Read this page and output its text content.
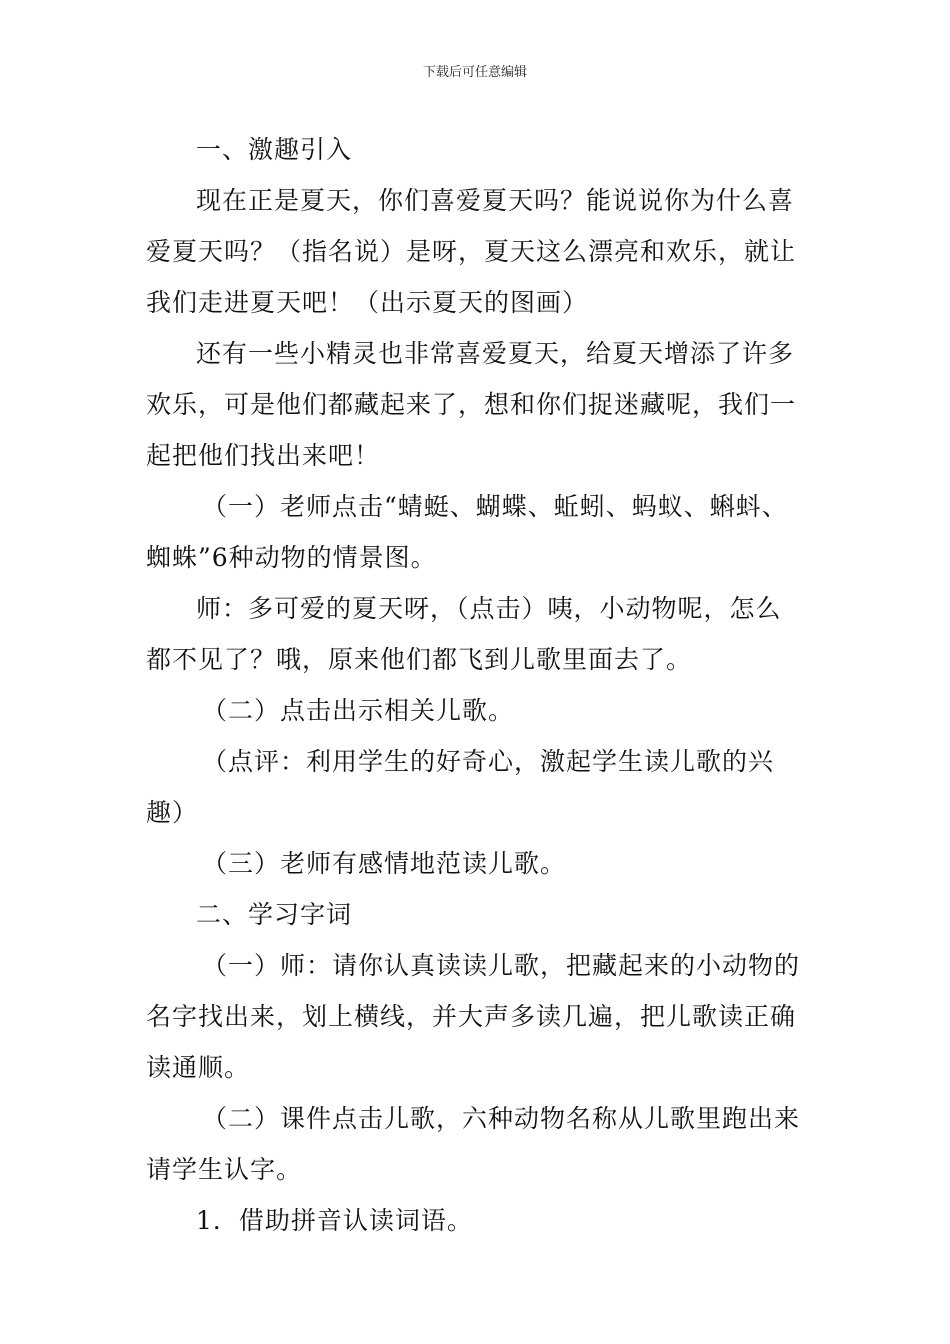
下载后可任意编辑
一、激趣引入
现在正是夏天，你们喜爱夏天吗？能说说你为什么喜
爱夏天吗？（指名说）是呀，夏天这么漂亮和欢乐，就让
我们走进夏天吧！（出示夏天的图画）
还有一些小精灵也非常喜爱夏天，给夏天增添了许多
欢乐，可是他们都藏起来了，想和你们捉迷藏呢，我们一
起把他们找出来吧！
（一）老师点击“蜻蜓、蝴蝶、蚯蚓、蚂蚁、蝌蚪、
蜘蛛”6种动物的情景图。
师：多可爱的夏天呀，（点击）咦，小动物呢，怎么
都不见了？哦，原来他们都飞到儿歌里面去了。
（二）点击出示相关儿歌。
（点评：利用学生的好奇心，激起学生读儿歌的兴
趣）
（三）老师有感情地范读儿歌。
二、学习字词
（一）师：请你认真读读儿歌，把藏起来的小动物的
名字找出来，划上横线，并大声多读几遍，把儿歌读正确
读通顺。
（二）课件点击儿歌，六种动物名称从儿歌里跑出来
请学生认字。
1．借助拼音认读词语。
